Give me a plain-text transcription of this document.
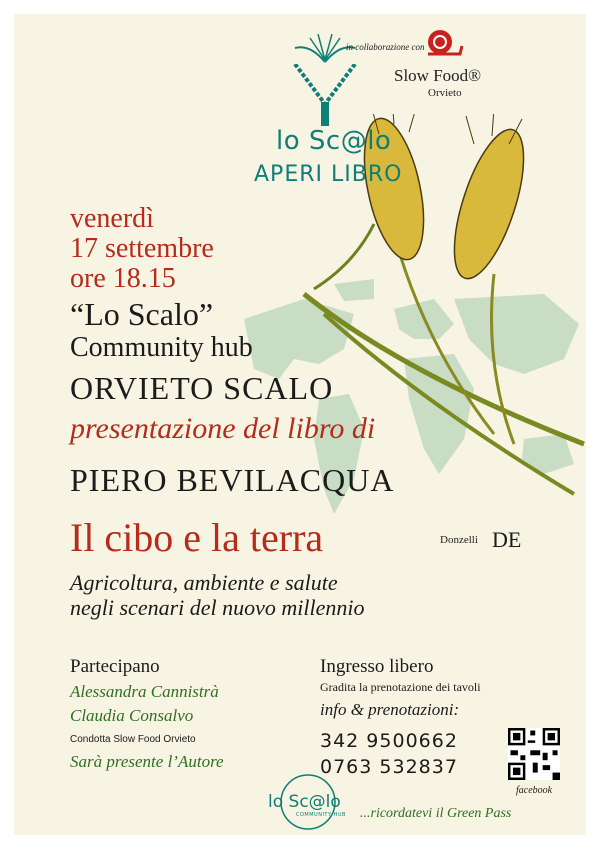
lo Sc@lo
APERI LIBRO
in collaborazione con
Slow Food®
Orvieto
venerdì
17 settembre
ore 18.15
“Lo Scalo”
Community hub
ORVIETO SCALO
presentazione del libro di
PIERO BEVILACQUA
Il cibo e la terra	Donzelli DE
Agricoltura, ambiente e salute
negli scenari del nuovo millennio
Partecipano
Alessandra Cannistrà
Claudia Consalvo
Condotta Slow Food Orvieto
Sarà presente l’Autore
Ingresso libero
Gradita la prenotazione dei tavoli
info & prenotazioni:
342 9500662
0763 532837
facebook
lo Sc@lo
COMMUNITY HUB ...ricordatevi il Green Pass
